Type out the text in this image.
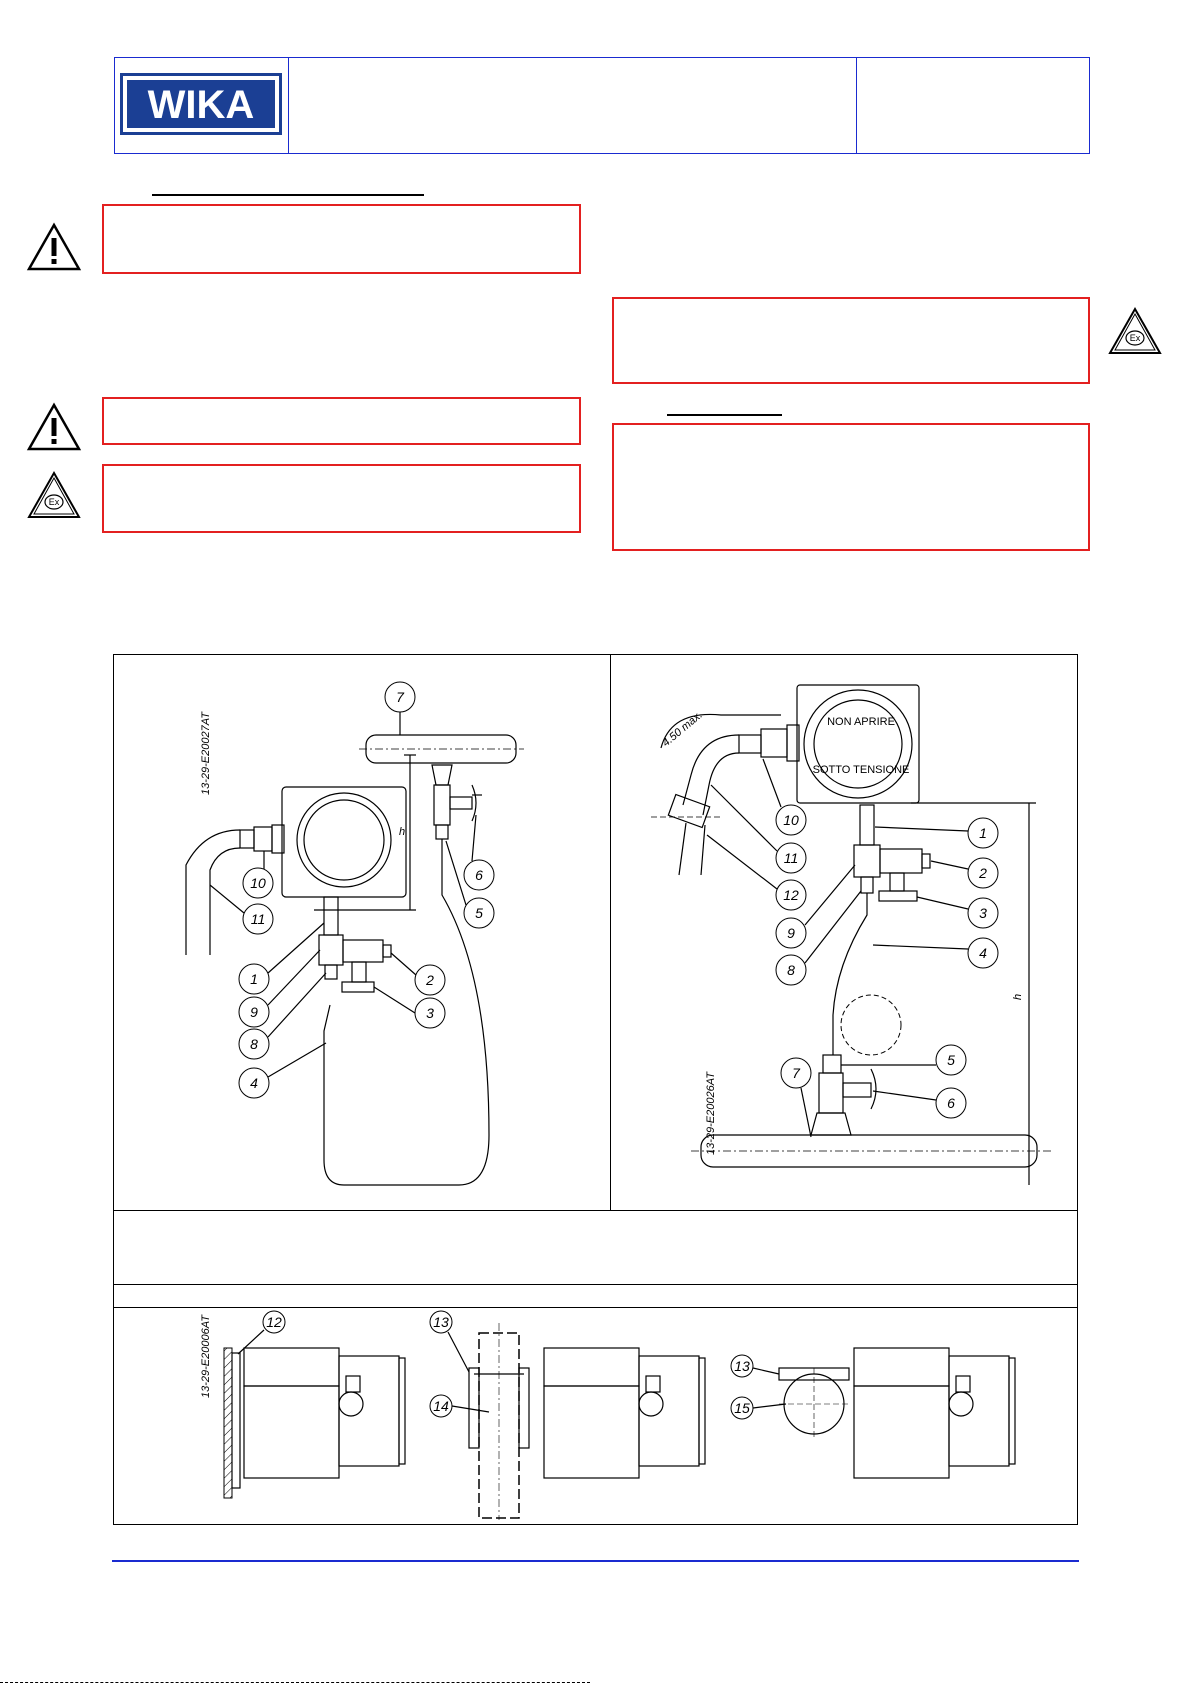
WIKA
Ex
Ex
13-29-E20027AT
h
7
6
5
10
11
1	2
9	3
8
4	13-29-E20026AT
4.50 max.	NON APRIRE
SOTTO TENSIONE
h
10
11
12
1
2
9
3
8
4
5
7
6
13-29-E20006AT	12	13
14
13
15
